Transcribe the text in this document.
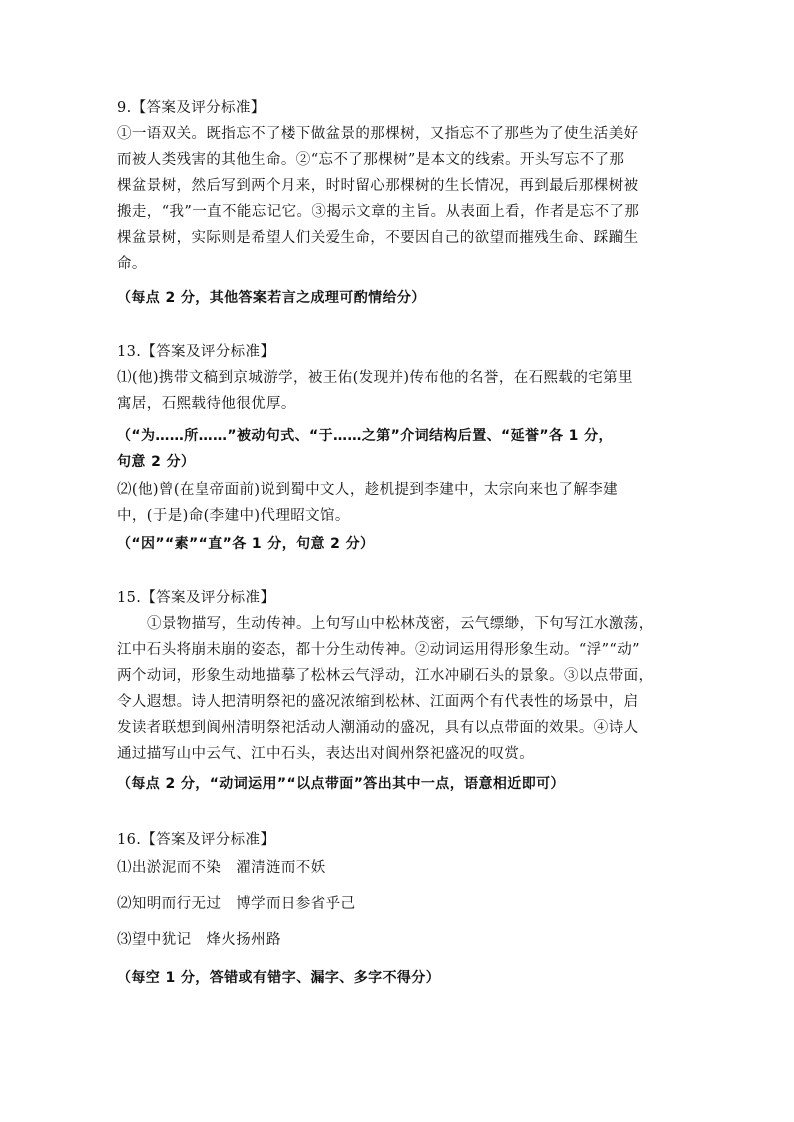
9.【答案及评分标准】
①一语双关。既指忘不了楼下做盆景的那棵树，又指忘不了那些为了使生活美好
而被人类残害的其他生命。②“忘不了那棵树”是本文的线索。开头写忘不了那
棵盆景树，然后写到两个月来，时时留心那棵树的生长情况，再到最后那棵树被
搬走，“我”一直不能忘记它。③揭示文章的主旨。从表面上看，作者是忘不了那
棵盆景树，实际则是希望人们关爱生命，不要因自己的欲望而摧残生命、踩躏生
命。
（每点 2 分，其他答案若言之成理可酌情给分）
13.【答案及评分标准】
⑴(他)携带文稿到京城游学，被王佑(发现并)传布他的名誉，在石熙载的宅第里
寓居，石熙载待他很优厚。
（“为……所……”被动句式、“于……之第”介词结构后置、“延誉”各 1 分，
句意 2 分）
⑵(他)曾(在皇帝面前)说到蜀中文人，趁机提到李建中，太宗向来也了解李建
中，(于是)命(李建中)代理昭文馆。
（“因”“素”“直”各 1 分，句意 2 分）
15.【答案及评分标准】
①景物描写，生动传神。上句写山中松林茂密，云气缥缈，下句写江水激荡，
江中石头将崩未崩的姿态，都十分生动传神。②动词运用得形象生动。“浮”“动”
两个动词，形象生动地描摹了松林云气浮动，江水冲刷石头的景象。③以点带面，
令人遐想。诗人把清明祭祀的盛况浓缩到松林、江面两个有代表性的场景中，启
发读者联想到阆州清明祭祀活动人潮涌动的盛况，具有以点带面的效果。④诗人
通过描写山中云气、江中石头，表达出对阆州祭祀盛况的叹赏。
（每点 2 分，“动词运用”“以点带面”答出其中一点，语意相近即可）
16.【答案及评分标准】
⑴出淤泥而不染　濯清涟而不妖
⑵知明而行无过　博学而日参省乎己
⑶望中犹记　烽火扬州路
（每空 1 分，答错或有错字、漏字、多字不得分）
